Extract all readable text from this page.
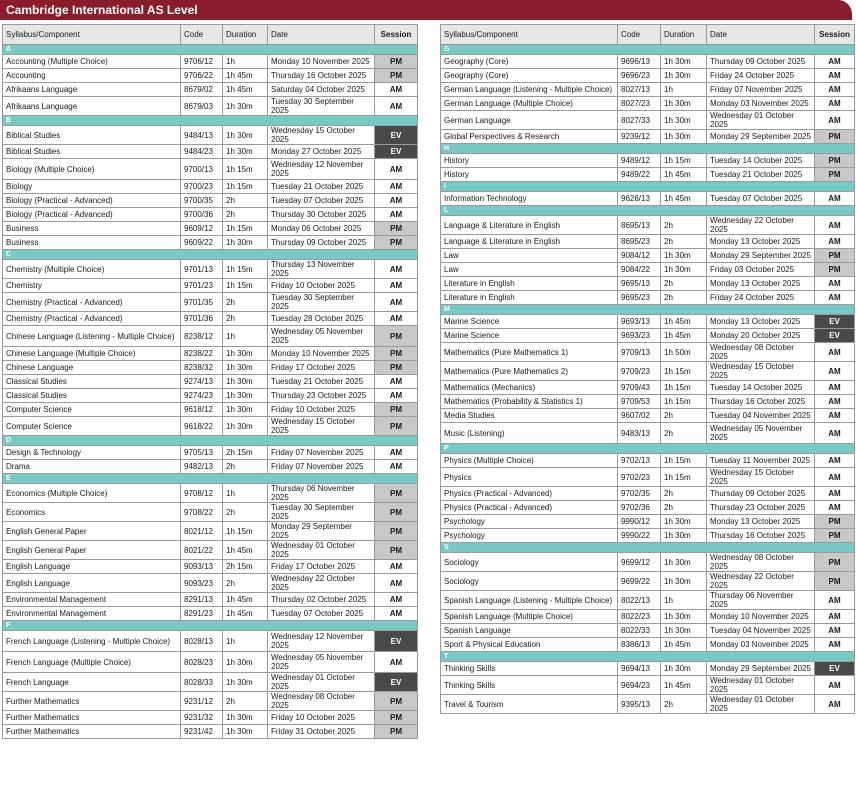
Cambridge International AS Level
Syllabus/Component	Code	Duration	Date	Session
A				
Accounting (Multiple Choice)	9706/12	1h	Monday 10 November 2025	PM
Accounting	9706/22	1h 45m	Thursday 16 October 2025	PM
Afrikaans Language	8679/02	1h 45m	Saturday 04 October 2025	AM
Afrikaans Language	8679/03	1h 30m	Tuesday 30 September 2025	AM
B				
Biblical Studies	9484/13	1h 30m	Wednesday 15 October 2025	EV
Biblical Studies	9484/23	1h 30m	Monday 27 October 2025	EV
Biology (Multiple Choice)	9700/13	1h 15m	Wednesday 12 November 2025	AM
Biology	9700/23	1h 15m	Tuesday 21 October 2025	AM
Biology (Practical - Advanced)	9700/35	2h	Tuesday 07 October 2025	AM
Biology (Practical - Advanced)	9700/36	2h	Thursday 30 October 2025	AM
Business	9609/12	1h 15m	Monday 06 October 2025	PM
Business	9609/22	1h 30m	Thursday 09 October 2025	PM
C				
Chemistry (Multiple Choice)	9701/13	1h 15m	Thursday 13 November 2025	AM
Chemistry	9701/23	1h 15m	Friday 10 October 2025	AM
Chemistry (Practical - Advanced)	9701/35	2h	Tuesday 30 September 2025	AM
Chemistry (Practical - Advanced)	9701/36	2h	Tuesday 28 October 2025	AM
Chinese Language (Listening - Multiple Choice)	8238/12	1h	Wednesday 05 November 2025	PM
Chinese Language (Multiple Choice)	8238/22	1h 30m	Monday 10 November 2025	PM
Chinese Language	8238/32	1h 30m	Friday 17 October 2025	PM
Classical Studies	9274/13	1h 30m	Tuesday 21 October 2025	AM
Classical Studies	9274/23	1h 30m	Thursday 23 October 2025	AM
Computer Science	9618/12	1h 30m	Friday 10 October 2025	PM
Computer Science	9618/22	1h 30m	Wednesday 15 October 2025	PM
D				
Design & Technology	9705/13	2h 15m	Friday 07 November 2025	AM
Drama	9482/13	2h	Friday 07 November 2025	AM
E				
Economics (Multiple Choice)	9708/12	1h	Thursday 06 November 2025	PM
Economics	9708/22	2h	Tuesday 30 September 2025	PM
English General Paper	8021/12	1h 15m	Monday 29 September 2025	PM
English General Paper	8021/22	1h 45m	Wednesday 01 October 2025	PM
English Language	9093/13	2h 15m	Friday 17 October 2025	AM
English Language	9093/23	2h	Wednesday 22 October 2025	AM
Environmental Management	8291/13	1h 45m	Thursday 02 October 2025	AM
Environmental Management	8291/23	1h 45m	Tuesday 07 October 2025	AM
F				
French Language (Listening - Multiple Choice)	8028/13	1h	Wednesday 12 November 2025	EV
French Language (Multiple Choice)	8028/23	1h 30m	Wednesday 05 November 2025	AM
French Language	8028/33	1h 30m	Wednesday 01 October 2025	EV
Further Mathematics	9231/12	2h	Wednesday 08 October 2025	PM
Further Mathematics	9231/32	1h 30m	Friday 10 October 2025	PM
Further Mathematics	9231/42	1h 30m	Friday 31 October 2025	PM
Syllabus/Component	Code	Duration	Date	Session
G				
Geography (Core)	9696/13	1h 30m	Thursday 09 October 2025	AM
Geography (Core)	9696/23	1h 30m	Friday 24 October 2025	AM
German Language (Listening - Multiple Choice)	8027/13	1h	Friday 07 November 2025	AM
German Language (Multiple Choice)	8027/23	1h 30m	Monday 03 November 2025	AM
German Language	8027/33	1h 30m	Wednesday 01 October 2025	AM
Global Perspectives & Research	9239/12	1h 30m	Monday 29 September 2025	PM
H				
History	9489/12	1h 15m	Tuesday 14 October 2025	PM
History	9489/22	1h 45m	Tuesday 21 October 2025	PM
I				
Information Technology	9626/13	1h 45m	Tuesday 07 October 2025	AM
L				
Language & Literature in English	8695/13	2h	Wednesday 22 October 2025	AM
Language & Literature in English	8695/23	2h	Monday 13 October 2025	AM
Law	9084/12	1h 30m	Monday 29 September 2025	PM
Law	9084/22	1h 30m	Friday 03 October 2025	PM
Literature in English	9695/13	2h	Monday 13 October 2025	AM
Literature in English	9695/23	2h	Friday 24 October 2025	AM
M				
Marine Science	9693/13	1h 45m	Monday 13 October 2025	EV
Marine Science	9693/23	1h 45m	Monday 20 October 2025	EV
Mathematics (Pure Mathematics 1)	9709/13	1h 50m	Wednesday 08 October 2025	AM
Mathematics (Pure Mathematics 2)	9709/23	1h 15m	Wednesday 15 October 2025	AM
Mathematics (Mechanics)	9709/43	1h 15m	Tuesday 14 October 2025	AM
Mathematics (Probability & Statistics 1)	9709/53	1h 15m	Thursday 16 October 2025	AM
Media Studies	9607/02	2h	Tuesday 04 November 2025	AM
Music (Listening)	9483/13	2h	Wednesday 05 November 2025	AM
P				
Physics (Multiple Choice)	9702/13	1h 15m	Tuesday 11 November 2025	AM
Physics	9702/23	1h 15m	Wednesday 15 October 2025	AM
Physics (Practical - Advanced)	9702/35	2h	Thursday 09 October 2025	AM
Physics (Practical - Advanced)	9702/36	2h	Thursday 23 October 2025	AM
Psychology	9990/12	1h 30m	Monday 13 October 2025	PM
Psychology	9990/22	1h 30m	Thursday 16 October 2025	PM
S				
Sociology	9699/12	1h 30m	Wednesday 08 October 2025	PM
Sociology	9699/22	1h 30m	Wednesday 22 October 2025	PM
Spanish Language (Listening - Multiple Choice)	8022/13	1h	Thursday 06 November 2025	AM
Spanish Language (Multiple Choice)	8022/23	1h 30m	Monday 10 November 2025	AM
Spanish Language	8022/33	1h 30m	Tuesday 04 November 2025	AM
Sport & Physical Education	8386/13	1h 45m	Monday 03 November 2025	AM
T				
Thinking Skills	9694/13	1h 30m	Monday 29 September 2025	EV
Thinking Skills	9694/23	1h 45m	Wednesday 01 October 2025	AM
Travel & Tourism	9395/13	2h	Wednesday 01 October 2025	AM
